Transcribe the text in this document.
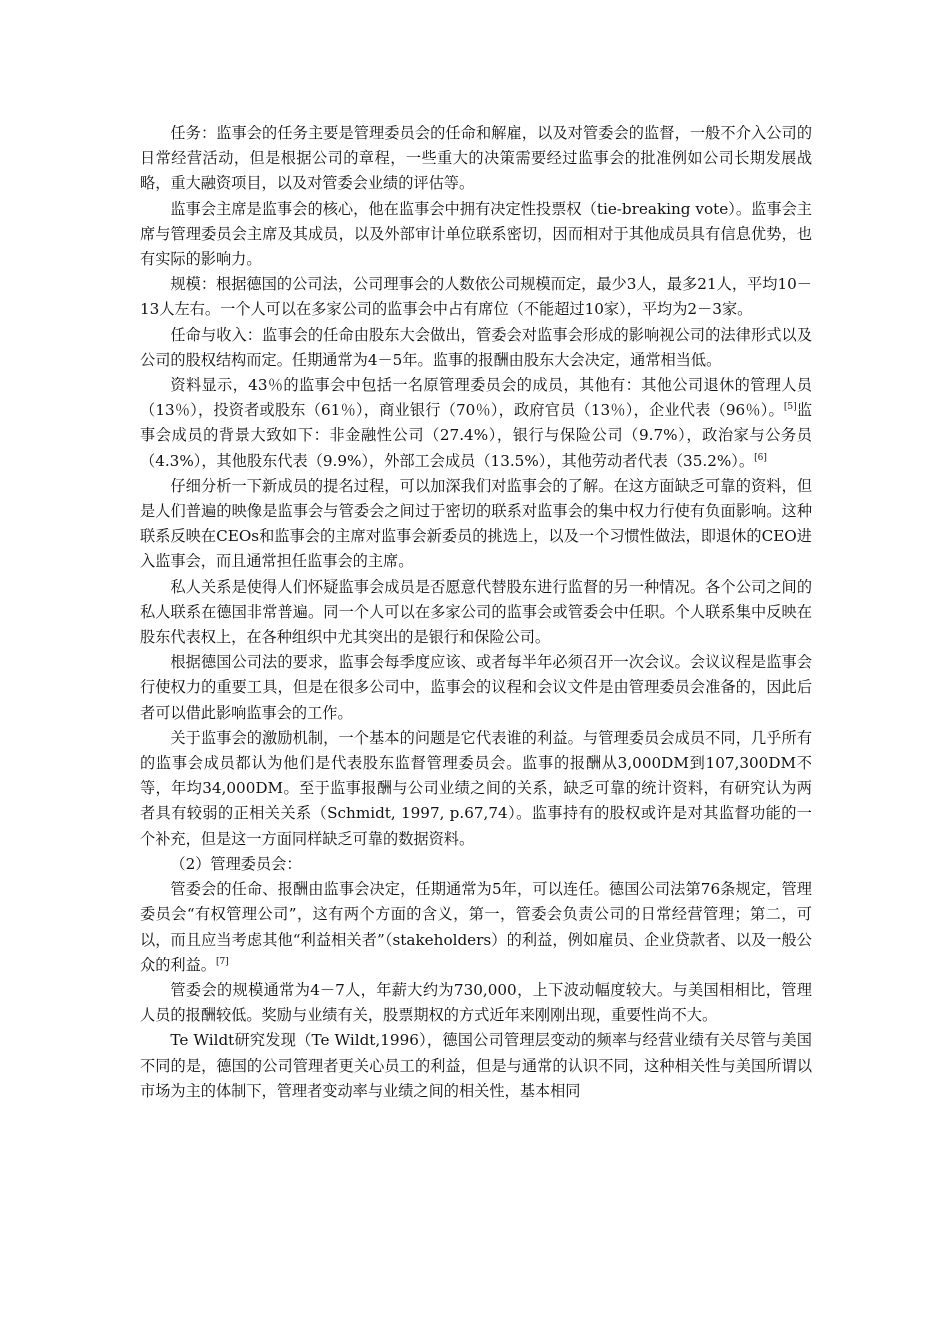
任务：监事会的任务主要是管理委员会的任命和解雇，以及对管委会的监督，一般不介入公司的日常经营活动，但是根据公司的章程，一些重大的决策需要经过监事会的批准例如公司长期发展战略，重大融资项目，以及对管委会业绩的评估等。

监事会主席是监事会的核心，他在监事会中拥有决定性投票权（tie-breaking vote）。监事会主席与管理委员会主席及其成员，以及外部审计单位联系密切，因而相对于其他成员具有信息优势，也有实际的影响力。

规模：根据德国的公司法，公司理事会的人数依公司规模而定，最少3人，最多21人，平均10－13人左右。一个人可以在多家公司的监事会中占有席位（不能超过10家），平均为2－3家。

任命与收入：监事会的任命由股东大会做出，管委会对监事会形成的影响视公司的法律形式以及公司的股权结构而定。任期通常为4－5年。监事的报酬由股东大会决定，通常相当低。

资料显示，43％的监事会中包括一名原管理委员会的成员，其他有：其他公司退休的管理人员（13％），投资者或股东（61％），商业银行（70％），政府官员（13％），企业代表（96％）。[5]监事会成员的背景大致如下：非金融性公司（27.4%），银行与保险公司（9.7%），政治家与公务员（4.3%），其他股东代表（9.9%），外部工会成员（13.5%），其他劳动者代表（35.2%）。[6]

仔细分析一下新成员的提名过程，可以加深我们对监事会的了解。在这方面缺乏可靠的资料，但是人们普遍的映像是监事会与管委会之间过于密切的联系对监事会的集中权力行使有负面影响。这种联系反映在CEOs和监事会的主席对监事会新委员的挑选上，以及一个习惯性做法，即退休的CEO进入监事会，而且通常担任监事会的主席。

私人关系是使得人们怀疑监事会成员是否愿意代替股东进行监督的另一种情况。各个公司之间的私人联系在德国非常普遍。同一个人可以在多家公司的监事会或管委会中任职。个人联系集中反映在股东代表权上，在各种组织中尤其突出的是银行和保险公司。

根据德国公司法的要求，监事会每季度应该、或者每半年必须召开一次会议。会议议程是监事会行使权力的重要工具，但是在很多公司中，监事会的议程和会议文件是由管理委员会准备的，因此后者可以借此影响监事会的工作。

关于监事会的激励机制，一个基本的问题是它代表谁的利益。与管理委员会成员不同，几乎所有的监事会成员都认为他们是代表股东监督管理委员会。监事的报酬从3,000DM到107,300DM不等，年均34,000DM。至于监事报酬与公司业绩之间的关系，缺乏可靠的统计资料，有研究认为两者具有较弱的正相关关系（Schmidt, 1997, p.67,74）。监事持有的股权或许是对其监督功能的一个补充，但是这一方面同样缺乏可靠的数据资料。

（2）管理委员会：

管委会的任命、报酬由监事会决定，任期通常为5年，可以连任。德国公司法第76条规定，管理委员会“有权管理公司”，这有两个方面的含义，第一，管委会负责公司的日常经营管理；第二，可以，而且应当考虑其他“利益相关者”（stakeholders）的利益，例如雇员、企业贷款者、以及一般公众的利益。[7]

管委会的规模通常为4－7人，年薪大约为730,000，上下波动幅度较大。与美国相相比，管理人员的报酬较低。奖励与业绩有关，股票期权的方式近年来刚刚出现，重要性尚不大。

Te Wildt研究发现（Te Wildt,1996），德国公司管理层变动的频率与经营业绩有关尽管与美国不同的是，德国的公司管理者更关心员工的利益，但是与通常的认识不同，这种相关性与美国所谓以市场为主的体制下，管理者变动率与业绩之间的相关性，基本相同
